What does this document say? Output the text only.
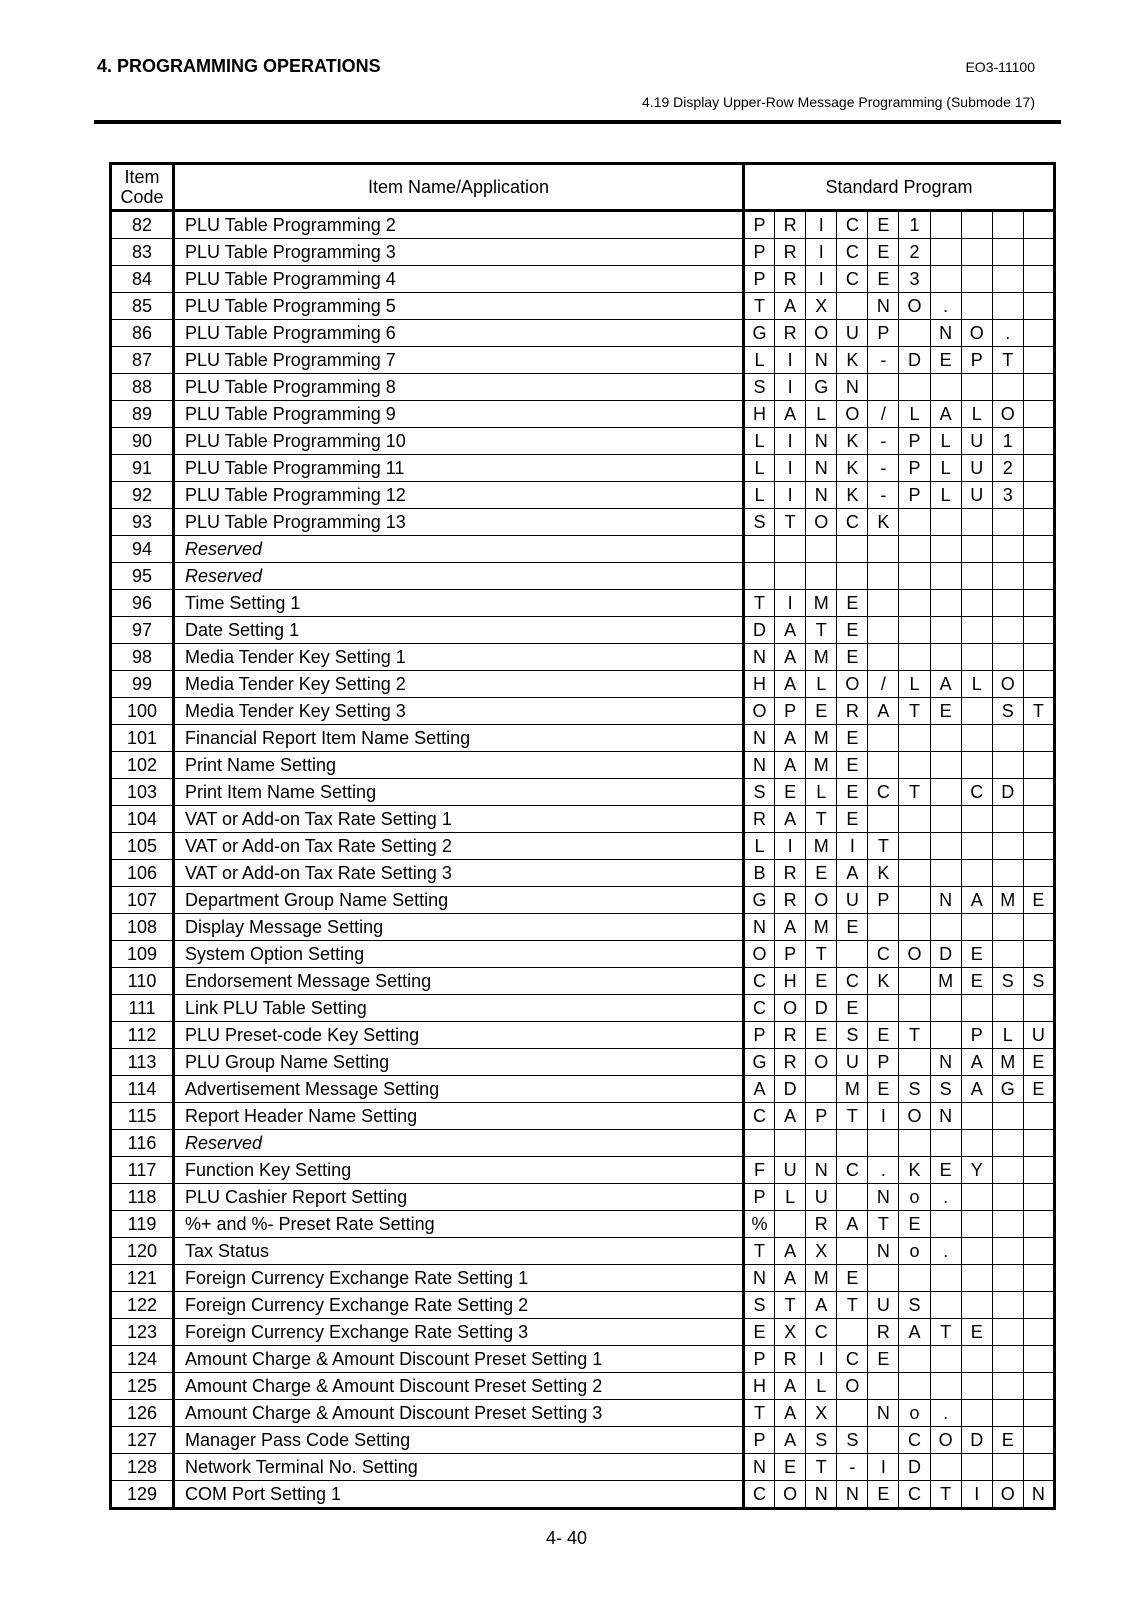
4. PROGRAMMING OPERATIONS	EO3-11100
4.19 Display Upper-Row Message Programming (Submode 17)
Item Code	Item Name/Application	Standard Program									
82	PLU Table Programming 2	P	R	I	C	E	1				
83	PLU Table Programming 3	P	R	I	C	E	2				
84	PLU Table Programming 4	P	R	I	C	E	3				
85	PLU Table Programming 5	T	A	X		N	O	.			
86	PLU Table Programming 6	G	R	O	U	P		N	O	.	
87	PLU Table Programming 7	L	I	N	K	-	D	E	P	T	
88	PLU Table Programming 8	S	I	G	N						
89	PLU Table Programming 9	H	A	L	O	/	L	A	L	O	
90	PLU Table Programming 10	L	I	N	K	-	P	L	U	1	
91	PLU Table Programming 11	L	I	N	K	-	P	L	U	2	
92	PLU Table Programming 12	L	I	N	K	-	P	L	U	3	
93	PLU Table Programming 13	S	T	O	C	K					
94	Reserved										
95	Reserved										
96	Time Setting 1	T	I	M	E						
97	Date Setting 1	D	A	T	E						
98	Media Tender Key Setting 1	N	A	M	E						
99	Media Tender Key Setting 2	H	A	L	O	/	L	A	L	O	
100	Media Tender Key Setting 3	O	P	E	R	A	T	E		S	T
101	Financial Report Item Name Setting	N	A	M	E						
102	Print Name Setting	N	A	M	E						
103	Print Item Name Setting	S	E	L	E	C	T		C	D	
104	VAT or Add-on Tax Rate Setting 1	R	A	T	E						
105	VAT or Add-on Tax Rate Setting 2	L	I	M	I	T					
106	VAT or Add-on Tax Rate Setting 3	B	R	E	A	K					
107	Department Group Name Setting	G	R	O	U	P		N	A	M	E
108	Display Message Setting	N	A	M	E						
109	System Option Setting	O	P	T		C	O	D	E		
110	Endorsement Message Setting	C	H	E	C	K		M	E	S	S
111	Link PLU Table Setting	C	O	D	E						
112	PLU Preset-code Key Setting	P	R	E	S	E	T		P	L	U
113	PLU Group Name Setting	G	R	O	U	P		N	A	M	E
114	Advertisement Message Setting	A	D		M	E	S	S	A	G	E
115	Report Header Name Setting	C	A	P	T	I	O	N			
116	Reserved										
117	Function Key Setting	F	U	N	C	.	K	E	Y		
118	PLU Cashier Report Setting	P	L	U		N	o	.			
119	%+ and %- Preset Rate Setting	%		R	A	T	E				
120	Tax Status	T	A	X		N	o	.			
121	Foreign Currency Exchange Rate Setting 1	N	A	M	E						
122	Foreign Currency Exchange Rate Setting 2	S	T	A	T	U	S				
123	Foreign Currency Exchange Rate Setting 3	E	X	C		R	A	T	E		
124	Amount Charge & Amount Discount Preset Setting 1	P	R	I	C	E					
125	Amount Charge & Amount Discount Preset Setting 2	H	A	L	O						
126	Amount Charge & Amount Discount Preset Setting 3	T	A	X		N	o	.			
127	Manager Pass Code Setting	P	A	S	S		C	O	D	E	
128	Network Terminal No. Setting	N	E	T	-	I	D				
129	COM Port Setting 1	C	O	N	N	E	C	T	I	O	N
4- 40
